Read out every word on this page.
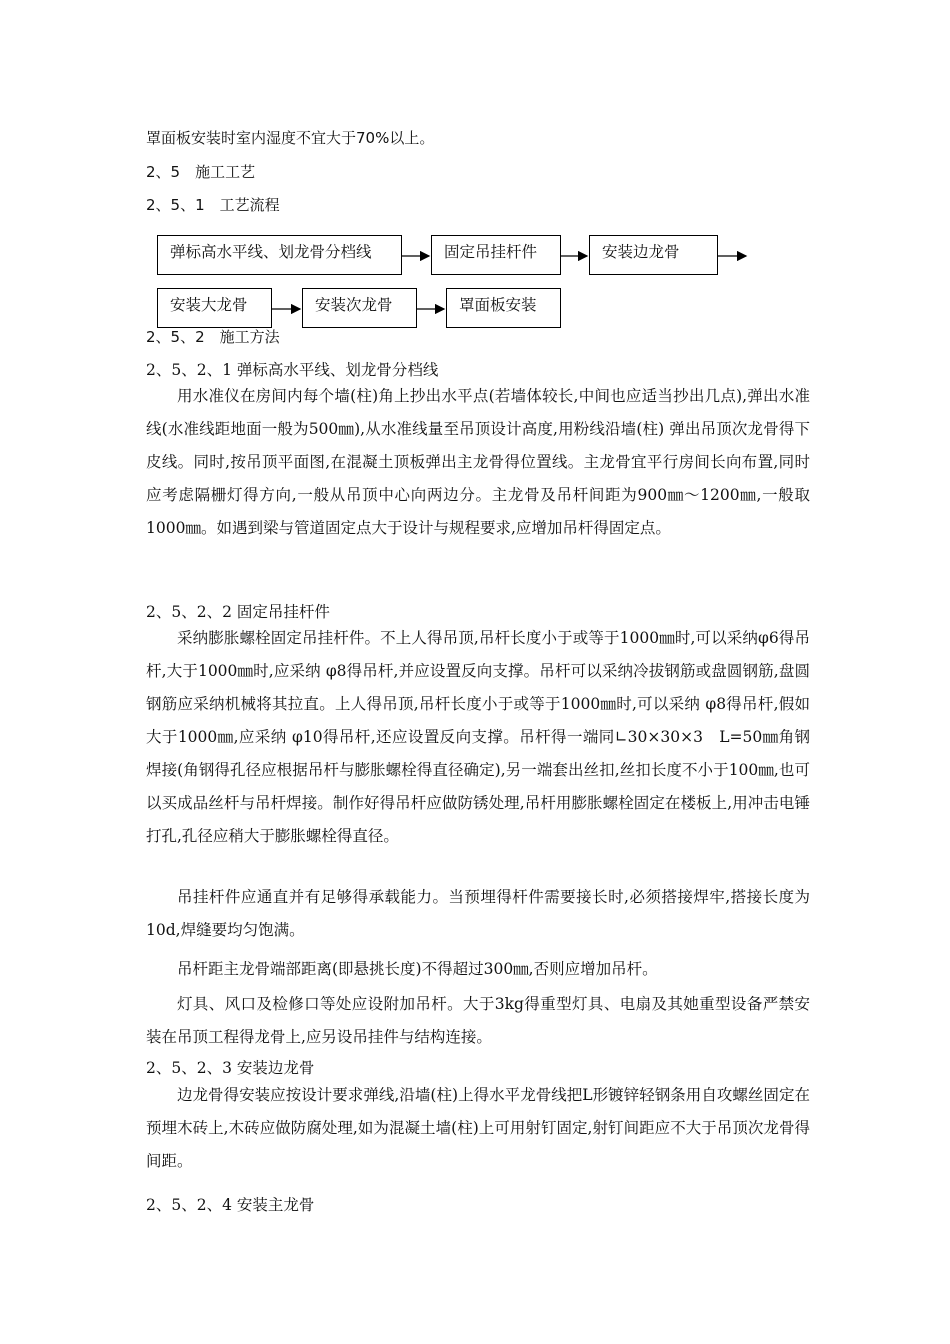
罩面板安装时室内湿度不宜大于70%以上。
2、5　施工工艺
2、5、1　工艺流程
弹标高水平线、划龙骨分档线	固定吊挂杆件	安装边龙骨
安装大龙骨	安装次龙骨	罩面板安装
2、5、2　施工方法
2、5、2、1 弹标高水平线、划龙骨分档线

用水准仪在房间内每个墙(柱)角上抄出水平点(若墙体较长,中间也应适当抄出几点),弹出水准线(水准线距地面一般为500㎜),从水准线量至吊顶设计高度,用粉线沿墙(柱) 弹出吊顶次龙骨得下皮线。同时,按吊顶平面图,在混凝土顶板弹出主龙骨得位置线。主龙骨宜平行房间长向布置,同时应考虑隔栅灯得方向,一般从吊顶中心向两边分。主龙骨及吊杆间距为900㎜～1200㎜,一般取1000㎜。如遇到梁与管道固定点大于设计与规程要求,应增加吊杆得固定点。

2、5、2、2 固定吊挂杆件

采纳膨胀螺栓固定吊挂杆件。不上人得吊顶,吊杆长度小于或等于1000㎜时,可以采纳φ6得吊杆,大于1000㎜时,应采纳 φ8得吊杆,并应设置反向支撑。吊杆可以采纳冷拔钢筋或盘圆钢筋,盘圆钢筋应采纳机械将其拉直。上人得吊顶,吊杆长度小于或等于1000㎜时,可以采纳 φ8得吊杆,假如大于1000㎜,应采纳 φ10得吊杆,还应设置反向支撑。吊杆得一端同∟30×30×3　L=50㎜角钢焊接(角钢得孔径应根据吊杆与膨胀螺栓得直径确定),另一端套出丝扣,丝扣长度不小于100㎜,也可以买成品丝杆与吊杆焊接。制作好得吊杆应做防锈处理,吊杆用膨胀螺栓固定在楼板上,用冲击电锤打孔,孔径应稍大于膨胀螺栓得直径。

吊挂杆件应通直并有足够得承载能力。当预埋得杆件需要接长时,必须搭接焊牢,搭接长度为10d,焊缝要均匀饱满。

吊杆距主龙骨端部距离(即悬挑长度)不得超过300㎜,否则应增加吊杆。

灯具、风口及检修口等处应设附加吊杆。大于3kg得重型灯具、电扇及其她重型设备严禁安装在吊顶工程得龙骨上,应另设吊挂件与结构连接。

2、5、2、3 安装边龙骨

边龙骨得安装应按设计要求弹线,沿墙(柱)上得水平龙骨线把L形镀锌轻钢条用自攻螺丝固定在预埋木砖上,木砖应做防腐处理,如为混凝土墙(柱)上可用射钉固定,射钉间距应不大于吊顶次龙骨得间距。

2、5、2、4 安装主龙骨
